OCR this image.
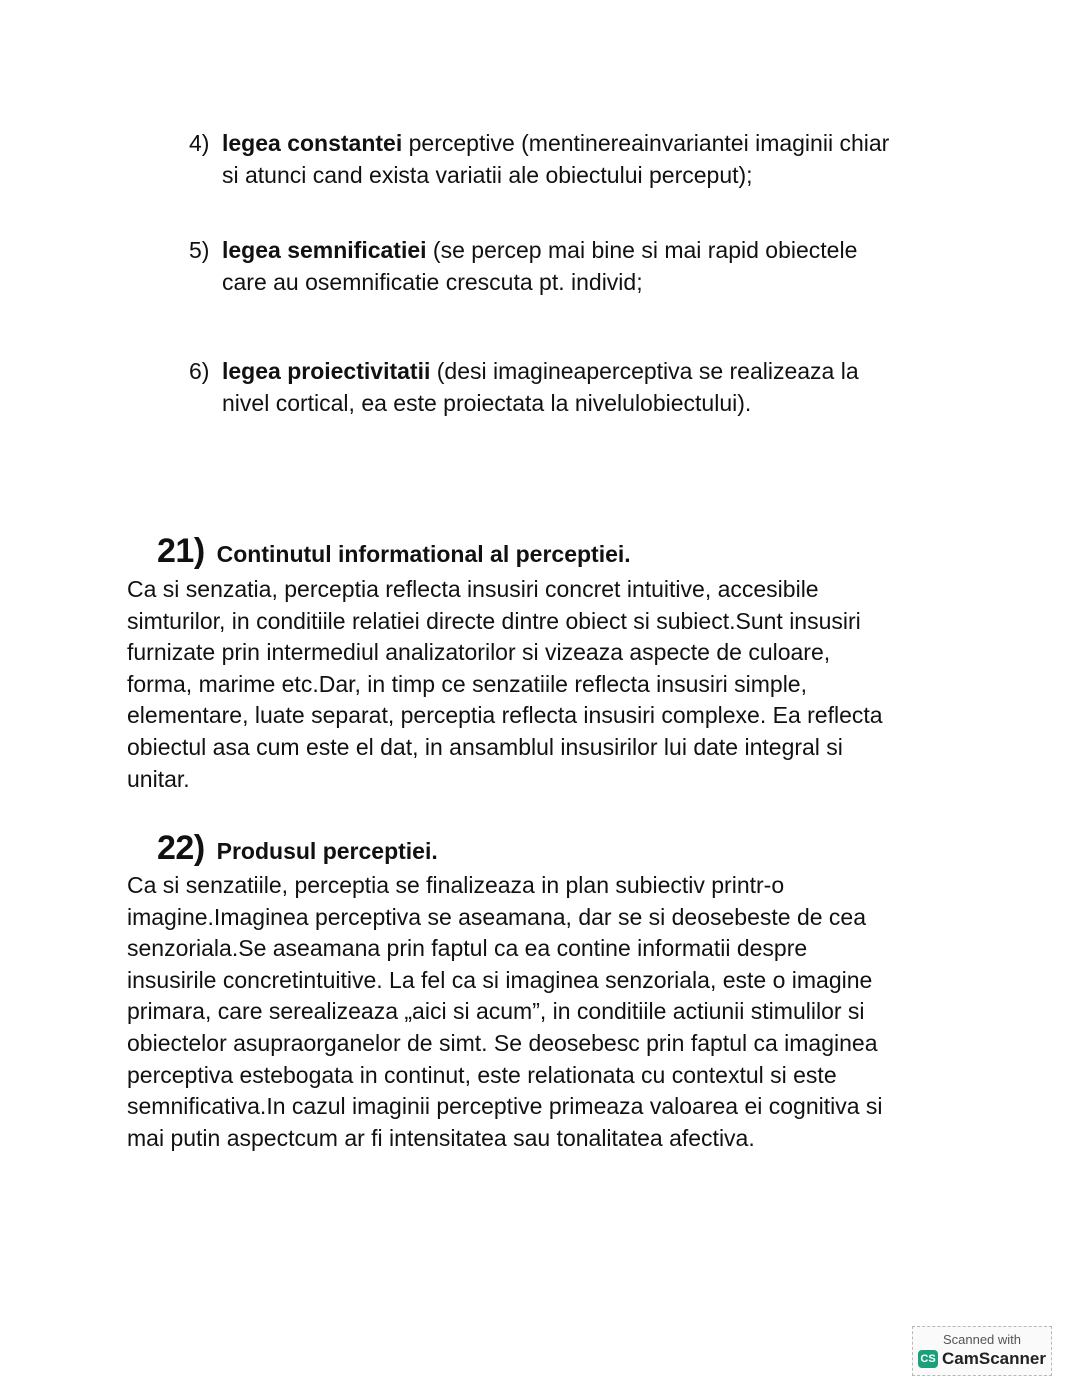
4) legea constantei perceptive (mentinereainvariantei imaginii chiar
si atunci cand exista variatii ale obiectului perceput);
5) legea semnificatiei (se percep mai bine si mai rapid obiectele
care au osemnificatie crescuta pt. individ;
6) legea proiectivitatii (desi imagineaperceptiva se realizeaza la
nivel cortical, ea este proiectata la nivelulobiectului).
21) Continutul informational al perceptiei.
Ca si senzatia, perceptia reflecta insusiri concret intuitive, accesibile
simturilor, in conditiile relatiei directe dintre obiect si subiect.Sunt insusiri
furnizate prin intermediul analizatorilor si vizeaza aspecte de culoare,
forma, marime etc.Dar, in timp ce senzatiile reflecta insusiri simple,
elementare, luate separat, perceptia reflecta insusiri complexe. Ea reflecta
obiectul asa cum este el dat, in ansamblul insusirilor lui date integral si
unitar.
22) Produsul perceptiei.
Ca si senzatiile, perceptia se finalizeaza in plan subiectiv printr-o
imagine.Imaginea perceptiva se aseamana, dar se si deosebeste de cea
senzoriala.Se aseamana prin faptul ca ea contine informatii despre
insusirile concretintuitive. La fel ca si imaginea senzoriala, este o imagine
primara, care serealizeaza „aici si acum”, in conditiile actiunii stimulilor si
obiectelor asupraorganelor de simt. Se deosebesc prin faptul ca imaginea
perceptiva estebogata in continut, este relationata cu contextul si este
semnificativa.In cazul imaginii perceptive primeaza valoarea ei cognitiva si
mai putin aspectcum ar fi intensitatea sau tonalitatea afectiva.
Scanned with
CS CamScanner
